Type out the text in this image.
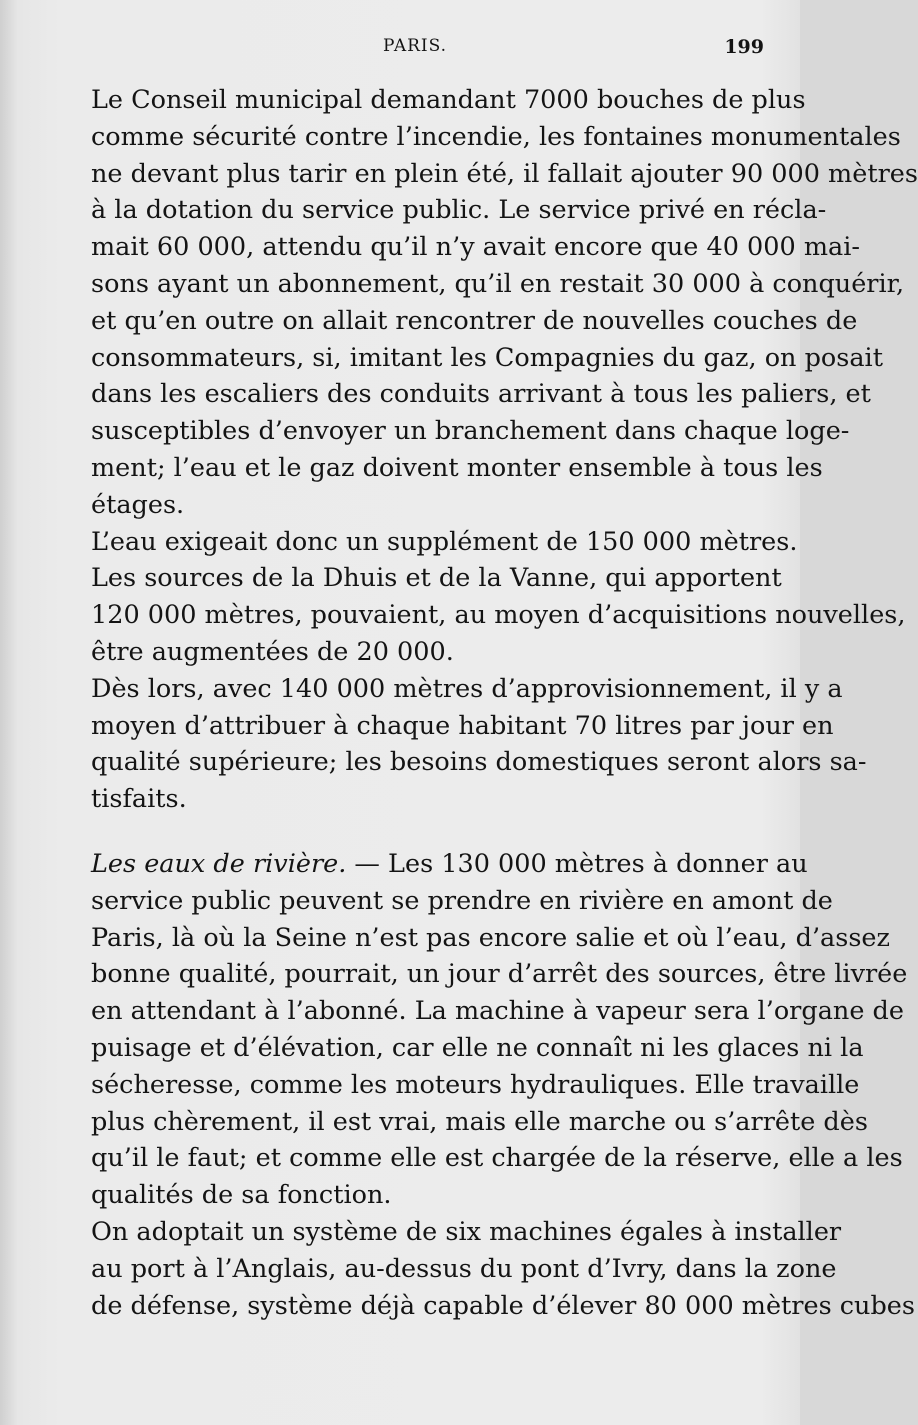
PARIS.	199

Le Conseil municipal demandant 7000 bouches de plus
comme sécurité contre l’incendie, les fontaines monumentales
ne devant plus tarir en plein été, il fallait ajouter 90 000 mètres
à la dotation du service public. Le service privé en récla-
mait 60 000, attendu qu’il n’y avait encore que 40 000 mai-
sons ayant un abonnement, qu’il en restait 30 000 à conquérir,
et qu’en outre on allait rencontrer de nouvelles couches de
consommateurs, si, imitant les Compagnies du gaz, on posait
dans les escaliers des conduits arrivant à tous les paliers, et
susceptibles d’envoyer un branchement dans chaque loge-
ment; l’eau et le gaz doivent monter ensemble à tous les
étages.

L’eau exigeait donc un supplément de 150 000 mètres.

Les sources de la Dhuis et de la Vanne, qui apportent
120 000 mètres, pouvaient, au moyen d’acquisitions nouvelles,
être augmentées de 20 000.

Dès lors, avec 140 000 mètres d’approvisionnement, il y a
moyen d’attribuer à chaque habitant 70 litres par jour en
qualité supérieure; les besoins domestiques seront alors sa-
tisfaits.

Les eaux de rivière. — Les 130 000 mètres à donner au
service public peuvent se prendre en rivière en amont de
Paris, là où la Seine n’est pas encore salie et où l’eau, d’assez
bonne qualité, pourrait, un jour d’arrêt des sources, être livrée
en attendant à l’abonné. La machine à vapeur sera l’organe de
puisage et d’élévation, car elle ne connaît ni les glaces ni la
sécheresse, comme les moteurs hydrauliques. Elle travaille
plus chèrement, il est vrai, mais elle marche ou s’arrête dès
qu’il le faut; et comme elle est chargée de la réserve, elle a les
qualités de sa fonction.

On adoptait un système de six machines égales à installer
au port à l’Anglais, au-dessus du pont d’Ivry, dans la zone
de défense, système déjà capable d’élever 80 000 mètres cubes
